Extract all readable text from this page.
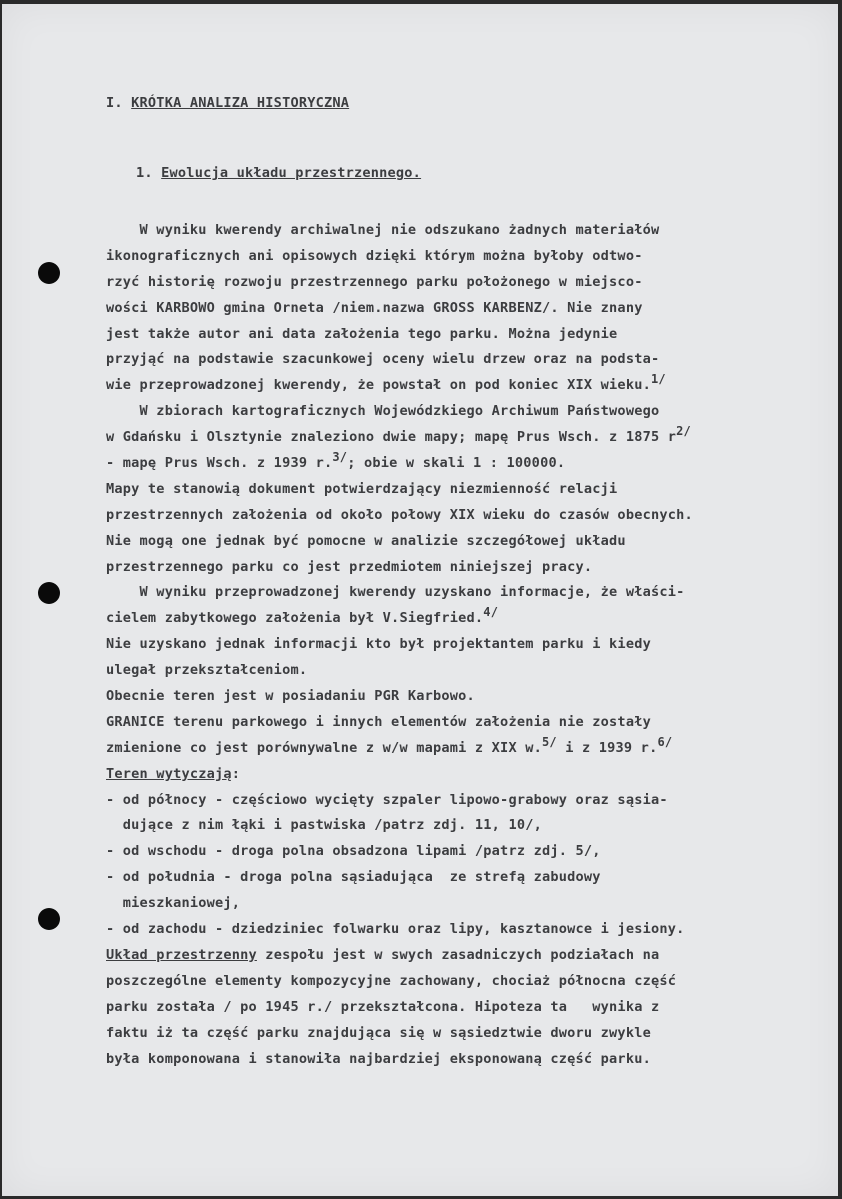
I. KRÓTKA ANALIZA HISTORYCZNA
1. Ewolucja układu przestrzennego.
W wyniku kwerendy archiwalnej nie odszukano żadnych materiałów
ikonograficznych ani opisowych dzięki którym można byłoby odtwo-
rzyć historię rozwoju przestrzennego parku położonego w miejsco-
wości KARBOWO gmina Orneta /niem.nazwa GROSS KARBENZ/. Nie znany
jest także autor ani data założenia tego parku. Można jedynie
przyjąć na podstawie szacunkowej oceny wielu drzew oraz na podsta-
wie przeprowadzonej kwerendy, że powstał on pod koniec XIX wieku.$^{1/}$
W zbiorach kartograficznych Wojewódzkiego Archiwum Państwowego
w Gdańsku i Olsztynie znaleziono dwie mapy; mapę Prus Wsch. z 1875 $r^{2/}$
- mapę Prus Wsch. z 1939 r.$^{3/}$; obie w skali 1 : 100000.
Mapy te stanowią dokument potwierdzający niezmienność relacji
przestrzennych założenia od około połowy XIX wieku do czasów obecnych.
Nie mogą one jednak być pomocne w analizie szczegółowej układu
przestrzennego parku co jest przedmiotem niniejszej pracy.
W wyniku przeprowadzonej kwerendy uzyskano informacje, że właści-
cielem zabytkowego założenia był V.Siegfried.$^{4/}$
Nie uzyskano jednak informacji kto był projektantem parku i kiedy
ulegał przekształceniom.
Obecnie teren jest w posiadaniu PGR Karbowo.
GRANICE terenu parkowego i innych elementów założenia nie zostały
zmienione co jest porównywalne z w/w mapami z XIX w.$^{5/}$ i z 1939 r.$^{6/}$
Teren wytyczają:
- od północy - częściowo wycięty szpaler lipowo-grabowy oraz sąsia-
dujące z nim łąki i pastwiska /patrz zdj. 11, 10/,
- od wschodu - droga polna obsadzona lipami /patrz zdj. 5/,
- od południa - droga polna sąsiadująca  ze strefą zabudowy
mieszkaniowej,
- od zachodu - dziedziniec folwarku oraz lipy, kasztanowce i jesiony.
Układ przestrzenny zespołu jest w swych zasadniczych podziałach na
poszczególne elementy kompozycyjne zachowany, chociaż północna część
parku została / po 1945 r./ przekształcona. Hipoteza ta   wynika z
faktu iż ta część parku znajdująca się w sąsiedztwie dworu zwykle
była komponowana i stanowiła najbardziej eksponowaną część parku.
